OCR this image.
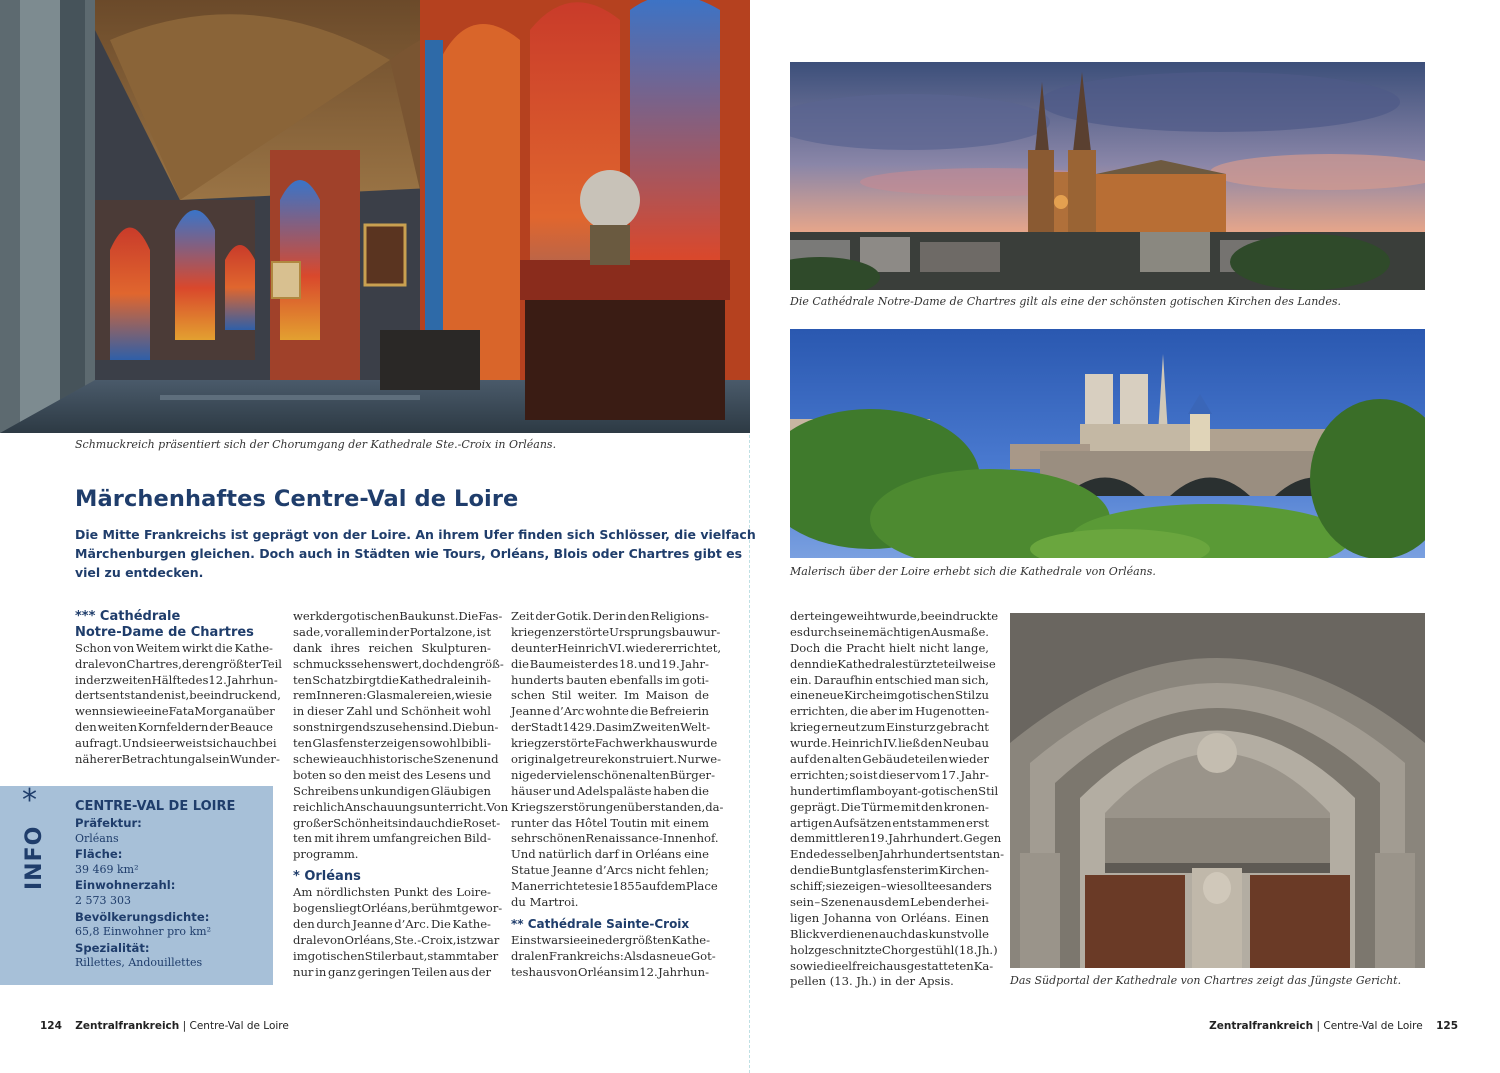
Schmuckreich präsentiert sich der Chorumgang der Kathedrale Ste.-Croix in Orléans.
Märchenhaftes Centre-Val de Loire
Die Mitte Frankreichs ist geprägt von der Loire. An ihrem Ufer finden sich Schlösser, die vielfach
Märchenburgen gleichen. Doch auch in Städten wie Tours, Orléans, Blois oder Chartres gibt es
viel zu entdecken.
*** Cathédrale
Notre-Dame de Chartres
Schon von Weitem wirkt die Kathe-
drale von Chartres, deren größter Teil
in der zweiten Hälfte des 12. Jahrhun-
derts entstanden ist, beeindruckend,
wenn sie wie eine Fata Morgana über
den weiten Kornfeldern der Beauce
aufragt. Und sie erweist sich auch bei
näherer Betrachtung als ein Wunder-
*
INFO
CENTRE-VAL DE LOIRE
Präfektur:
Orléans
Fläche:
39 469 km²
Einwohnerzahl:
2 573 303
Bevölkerungsdichte:
65,8 Einwohner pro km²
Spezialität:
Rillettes, Andouillettes
werk der gotischen Baukunst. Die Fas-
sade, vor allem in der Portalzone, ist
dank ihres reichen Skulpturen-
schmucks sehenswert, doch den größ-
ten Schatz birgt die Kathedrale in ih-
rem Inneren: Glasmalereien, wie sie
in dieser Zahl und Schönheit wohl
sonst nirgends zu sehen sind. Die bun-
ten Glasfenster zeigen sowohl bibli-
sche wie auch historische Szenen und
boten so den meist des Lesens und
Schreibens unkundigen Gläubigen
reichlich Anschauungsunterricht. Von
großer Schönheit sind auch die Roset-
ten mit ihrem umfangreichen Bild-
programm.
* Orléans
Am nördlichsten Punkt des Loire-
bogens liegt Orléans, berühmt gewor-
den durch Jeanne d’Arc. Die Kathe-
drale von Orléans, Ste.-Croix, ist zwar
im gotischen Stil erbaut, stammt aber
nur in ganz geringen Teilen aus der
Zeit der Gotik. Der in den Religions-
kriegen zerstörte Ursprungsbau wur-
de unter Heinrich VI. wiedererrichtet,
die Baumeister des 18. und 19. Jahr-
hunderts bauten ebenfalls im goti-
schen Stil weiter. Im Maison de
Jeanne d’Arc wohnte die Befreierin
der Stadt 1429. Das im Zweiten Welt-
krieg zerstörte Fachwerkhaus wurde
originalgetreu rekonstruiert. Nur we-
nige der vielen schönen alten Bürger-
häuser und Adelspaläste haben die
Kriegszerstörungen überstanden, da-
runter das Hôtel Toutin mit einem
sehr schönen Renaissance-Innenhof.
Und natürlich darf in Orléans eine
Statue Jeanne d’Arcs nicht fehlen;
Man errichtete sie 1855 auf dem Place
du Martroi.
** Cathédrale Sainte-Croix
Einst war sie eine der größten Kathe-
dralen Frankreichs: Als das neue Got-
teshaus von Orléans im 12. Jahrhun-
Die Cathédrale Notre-Dame de Chartres gilt als eine der schönsten gotischen Kirchen des Landes.
Malerisch über der Loire erhebt sich die Kathedrale von Orléans.
dert eingeweiht wurde, beeindruckte
es durch seine mächtigen Ausmaße.
Doch die Pracht hielt nicht lange,
denn die Kathedrale stürzte teilweise
ein. Daraufhin entschied man sich,
eine neue Kirche im gotischen Stil zu
errichten, die aber im Hugenotten-
krieg erneut zum Einsturz gebracht
wurde. Heinrich IV. ließ den Neubau
auf den alten Gebäudeteilen wieder
errichten; so ist dieser vom 17. Jahr-
hundert im flamboyant-gotischen Stil
geprägt. Die Türme mit den kronen-
artigen Aufsätzen entstammen erst
dem mittleren 19. Jahrhundert. Gegen
Ende desselben Jahrhunderts entstan-
den die Buntglasfenster im Kirchen-
schiff; sie zeigen – wie sollte es anders
sein – Szenen aus dem Leben der hei-
ligen Johanna von Orléans. Einen
Blick verdienen auch das kunstvolle
holzgeschnitzte Chorgestühl (18. Jh.)
sowie die elf reich ausgestatteten Ka-
pellen (13. Jh.) in der Apsis.	Das Südportal der Kathedrale von Chartres zeigt das Jüngste Gericht.
124 Zentralfrankreich | Centre-Val de Loire	Zentralfrankreich | Centre-Val de Loire 125
